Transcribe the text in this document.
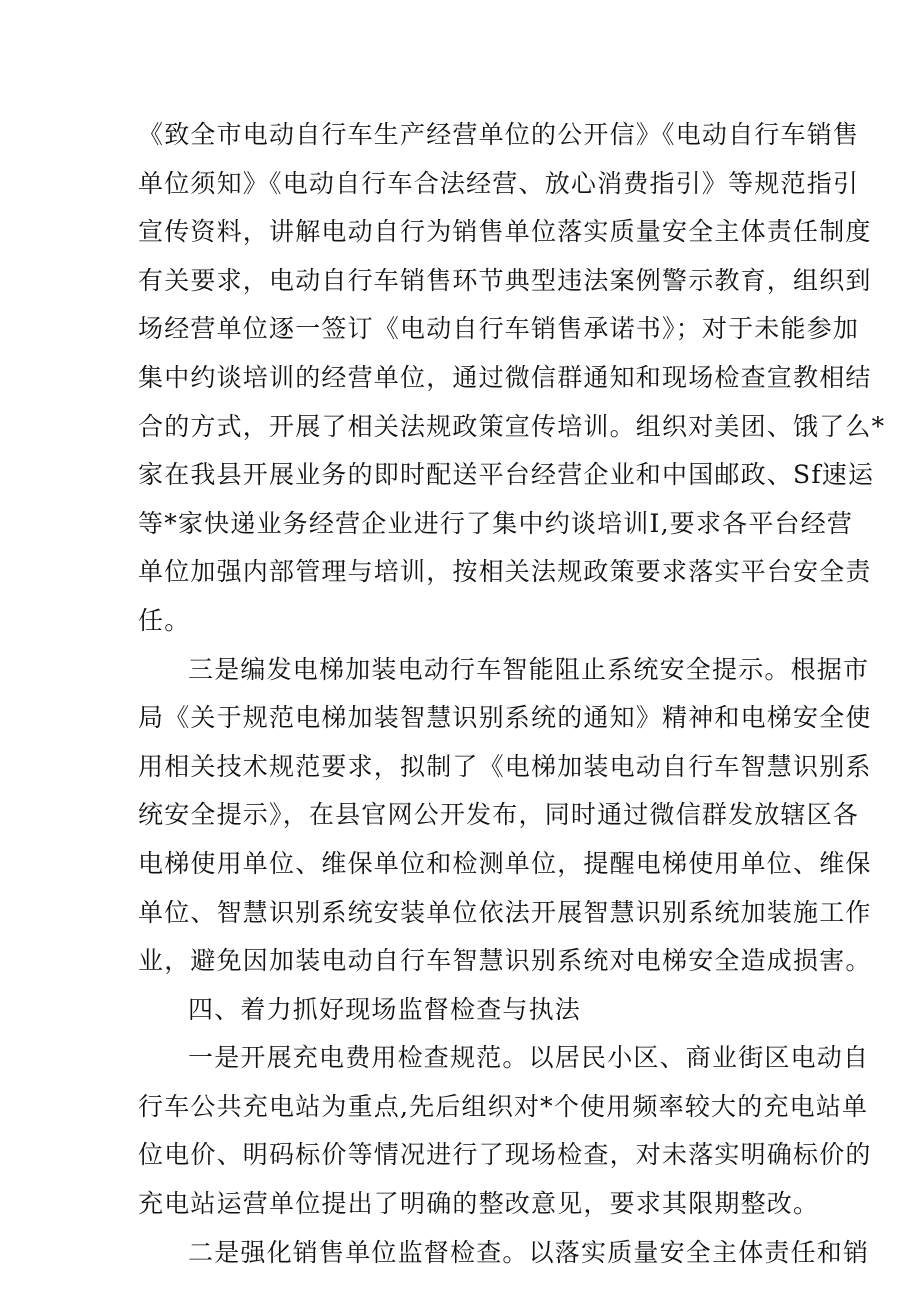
《致全市电动自行车生产经营单位的公开信》《电动自行车销售
单位须知》《电动自行车合法经营、放心消费指引》等规范指引
宣传资料，讲解电动自行为销售单位落实质量安全主体责任制度
有关要求，电动自行车销售环节典型违法案例警示教育，组织到
场经营单位逐一签订《电动自行车销售承诺书》；对于未能参加
集中约谈培训的经营单位，通过微信群通知和现场检查宣教相结
合的方式，开展了相关法规政策宣传培训。组织对美团、饿了么*
家在我县开展业务的即时配送平台经营企业和中国邮政、Sf速运
等*家快递业务经营企业进行了集中约谈培训I,要求各平台经营
单位加强内部管理与培训，按相关法规政策要求落实平台安全责
任。
三是编发电梯加装电动行车智能阻止系统安全提示。根据市
局《关于规范电梯加装智慧识别系统的通知》精神和电梯安全使
用相关技术规范要求，拟制了《电梯加装电动自行车智慧识别系
统安全提示》，在县官网公开发布，同时通过微信群发放辖区各
电梯使用单位、维保单位和检测单位，提醒电梯使用单位、维保
单位、智慧识别系统安装单位依法开展智慧识别系统加装施工作
业，避免因加装电动自行车智慧识别系统对电梯安全造成损害。
四、着力抓好现场监督检查与执法
一是开展充电费用检查规范。以居民小区、商业街区电动自
行车公共充电站为重点,先后组织对*个使用频率较大的充电站单
位电价、明码标价等情况进行了现场检查，对未落实明确标价的
充电站运营单位提出了明确的整改意见，要求其限期整改。
二是强化销售单位监督检查。以落实质量安全主体责任和销
